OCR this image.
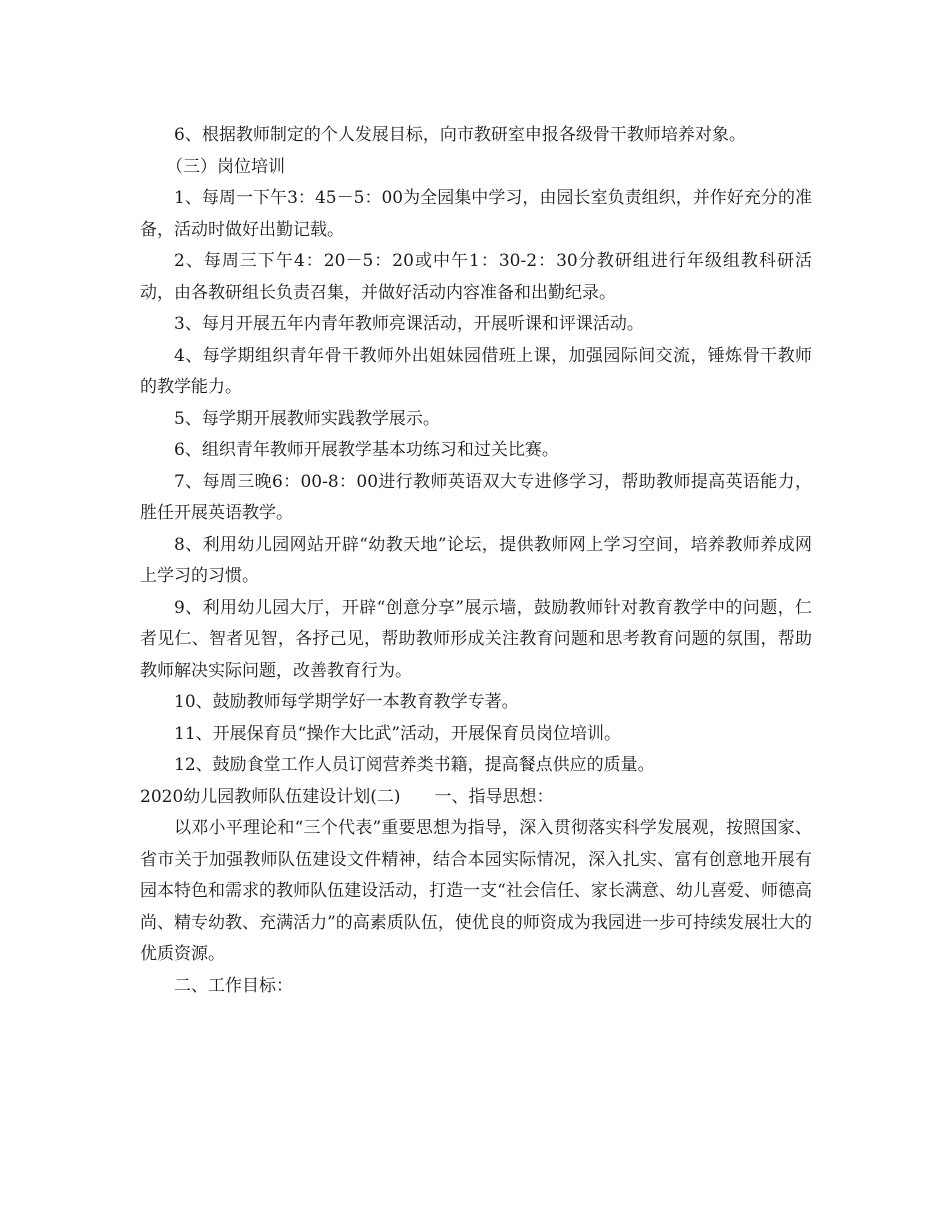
6、根据教师制定的个人发展目标，向市教研室申报各级骨干教师培养对象。

（三）岗位培训

1、每周一下午3：45－5：00为全园集中学习，由园长室负责组织，并作好充分的准备，活动时做好出勤记载。

2、每周三下午4：20－5：20或中午1：30-2：30分教研组进行年级组教科研活动，由各教研组长负责召集，并做好活动内容准备和出勤纪录。

3、每月开展五年内青年教师亮课活动，开展听课和评课活动。

4、每学期组织青年骨干教师外出姐妹园借班上课，加强园际间交流，锤炼骨干教师的教学能力。

5、每学期开展教师实践教学展示。

6、组织青年教师开展教学基本功练习和过关比赛。

7、每周三晚6：00-8：00进行教师英语双大专进修学习，帮助教师提高英语能力，胜任开展英语教学。

8、利用幼儿园网站开辟“幼教天地”论坛，提供教师网上学习空间，培养教师养成网上学习的习惯。

9、利用幼儿园大厅，开辟“创意分享”展示墙，鼓励教师针对教育教学中的问题，仁者见仁、智者见智，各抒己见，帮助教师形成关注教育问题和思考教育问题的氛围，帮助教师解决实际问题，改善教育行为。

10、鼓励教师每学期学好一本教育教学专著。

11、开展保育员“操作大比武”活动，开展保育员岗位培训。

12、鼓励食堂工作人员订阅营养类书籍，提高餐点供应的质量。

2020幼儿园教师队伍建设计划(二) 一、指导思想：

以邓小平理论和“三个代表”重要思想为指导，深入贯彻落实科学发展观，按照国家、省市关于加强教师队伍建设文件精神，结合本园实际情况，深入扎实、富有创意地开展有园本特色和需求的教师队伍建设活动，打造一支“社会信任、家长满意、幼儿喜爱、师德高尚、精专幼教、充满活力”的高素质队伍，使优良的师资成为我园进一步可持续发展壮大的优质资源。

二、工作目标：
